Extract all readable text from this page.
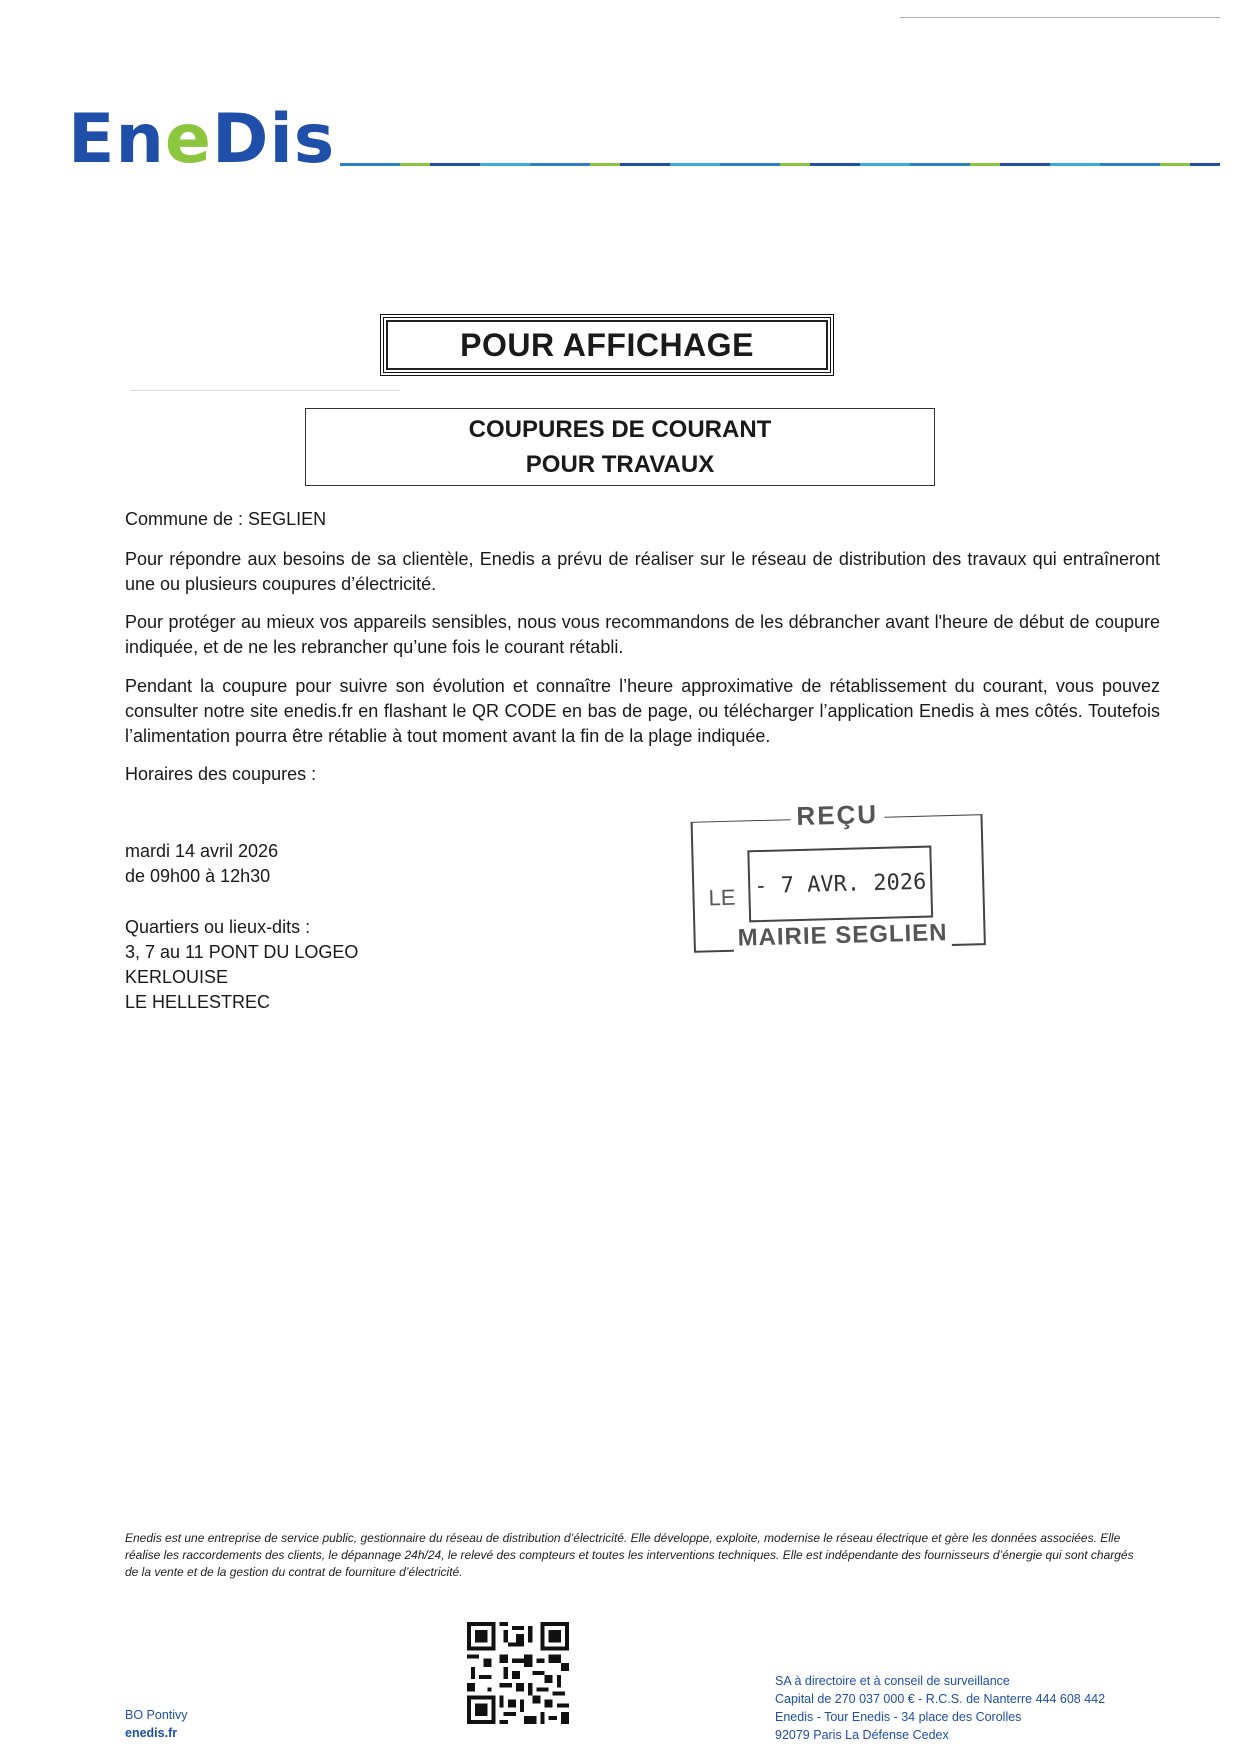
EneDis
POUR AFFICHAGE
COUPURES DE COURANT
POUR TRAVAUX
Commune de : SEGLIEN
Pour répondre aux besoins de sa clientèle, Enedis a prévu de réaliser sur le réseau de distribution des travaux qui entraîneront une ou plusieurs coupures d’électricité.
Pour protéger au mieux vos appareils sensibles, nous vous recommandons de les débrancher avant l'heure de début de coupure indiquée, et de ne les rebrancher qu’une fois le courant rétabli.
Pendant la coupure pour suivre son évolution et connaître l’heure approximative de rétablissement du courant, vous pouvez consulter notre site enedis.fr en flashant le QR CODE en bas de page, ou télécharger l’application Enedis à mes côtés. Toutefois l’alimentation pourra être rétablie à tout moment avant la fin de la plage indiquée.
Horaires des coupures :
mardi 14 avril 2026
de 09h00 à 12h30
Quartiers ou lieux-dits :
3, 7 au 11 PONT DU LOGEO
KERLOUISE
LE HELLESTREC
REÇU
LE - 7 AVR. 2026
MAIRIE SEGLIEN
Enedis est une entreprise de service public, gestionnaire du réseau de distribution d’électricité. Elle développe, exploite, modernise le réseau électrique et gère les données associées. Elle réalise les raccordements des clients, le dépannage 24h/24, le relevé des compteurs et toutes les interventions techniques. Elle est indépendante des fournisseurs d’énergie qui sont chargés de la vente et de la gestion du contrat de fourniture d’électricité.
BO Pontivy
enedis.fr
SA à directoire et à conseil de surveillance
Capital de 270 037 000 € - R.C.S. de Nanterre 444 608 442
Enedis - Tour Enedis - 34 place des Corolles
92079 Paris La Défense Cedex
